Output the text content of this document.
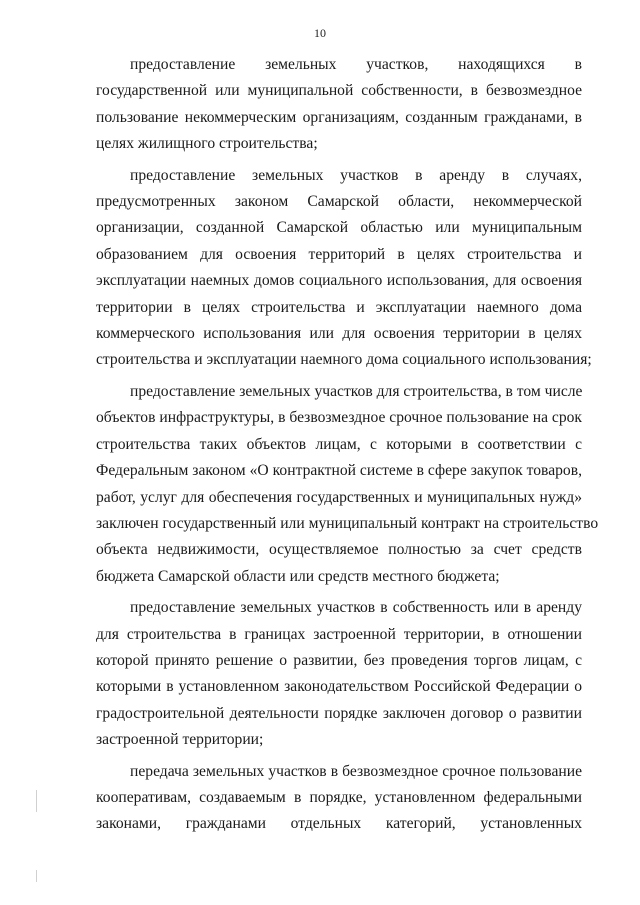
10

предоставление земельных участков, находящихся в
государственной или муниципальной собственности, в безвозмездное
пользование некоммерческим организациям, созданным гражданами, в
целях жилищного строительства;

предоставление земельных участков в аренду в случаях,
предусмотренных законом Самарской области, некоммерческой
организации, созданной Самарской областью или муниципальным
образованием для освоения территорий в целях строительства и
эксплуатации наемных домов социального использования, для освоения
территории в целях строительства и эксплуатации наемного дома
коммерческого использования или для освоения территории в целях
строительства и эксплуатации наемного дома социального использования;

предоставление земельных участков для строительства, в том числе
объектов инфраструктуры, в безвозмездное срочное пользование на срок
строительства таких объектов лицам, с которыми в соответствии с
Федеральным законом «О контрактной системе в сфере закупок товаров,
работ, услуг для обеспечения государственных и муниципальных нужд»
заключен государственный или муниципальный контракт на строительство
объекта недвижимости, осуществляемое полностью за счет средств
бюджета Самарской области или средств местного бюджета;

предоставление земельных участков в собственность или в аренду
для строительства в границах застроенной территории, в отношении
которой принято решение о развитии, без проведения торгов лицам, с
которыми в установленном законодательством Российской Федерации о
градостроительной деятельности порядке заключен договор о развитии
застроенной территории;

передача земельных участков в безвозмездное срочное пользование
кооперативам, создаваемым в порядке, установленном федеральными
законами, гражданами отдельных категорий, установленных
